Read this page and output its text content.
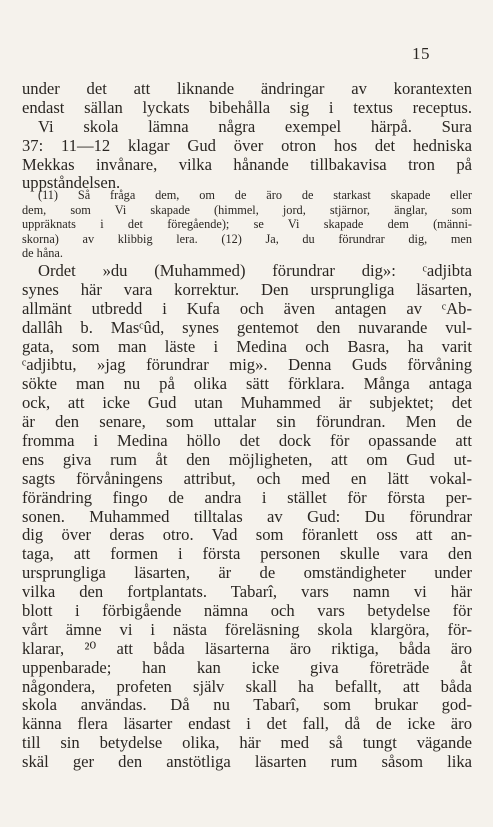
15
under det att liknande ändringar av korantexten
endast sällan lyckats bibehålla sig i textus receptus.
Vi skola lämna några exempel härpå. Sura
37: 11—12 klagar Gud över otron hos det hedniska
Mekkas invånare, vilka hånande tillbakavisa tron på
uppståndelsen.
(11) Så fråga dem, om de äro de starkast skapade eller
dem, som Vi skapade (himmel, jord, stjärnor, änglar, som
uppräknats i det föregående); se Vi skapade dem (männi-
skorna) av klibbig lera. (12) Ja, du förundrar dig, men
de håna.
Ordet »du (Muhammed) förundrar dig»: ᶜadjibta
synes här vara korrektur. Den ursprungliga läsarten,
allmänt utbredd i Kufa och även antagen av ᶜAb-
dallâh b. Masᶜûd, synes gentemot den nuvarande vul-
gata, som man läste i Medina och Basra, ha varit
ᶜadjibtu, »jag förundrar mig». Denna Guds förvåning
sökte man nu på olika sätt förklara. Många antaga
ock, att icke Gud utan Muhammed är subjektet; det
är den senare, som uttalar sin förundran. Men de
fromma i Medina höllo det dock för opassande att
ens giva rum åt den möjligheten, att om Gud ut-
sagts förvåningens attribut, och med en lätt vokal-
förändring fingo de andra i stället för första per-
sonen. Muhammed tilltalas av Gud: Du förundrar
dig över deras otro. Vad som föranlett oss att an-
taga, att formen i första personen skulle vara den
ursprungliga läsarten, är de omständigheter under
vilka den fortplantats. Tabarî, vars namn vi här
blott i förbigående nämna och vars betydelse för
vårt ämne vi i nästa föreläsning skola klargöra, för-
klarar, ²⁰ att båda läsarterna äro riktiga, båda äro
uppenbarade; han kan icke giva företräde åt
någondera, profeten själv skall ha befallt, att båda
skola användas. Då nu Tabarî, som brukar god-
känna flera läsarter endast i det fall, då de icke äro
till sin betydelse olika, här med så tungt vägande
skäl ger den anstötliga läsarten rum såsom lika
